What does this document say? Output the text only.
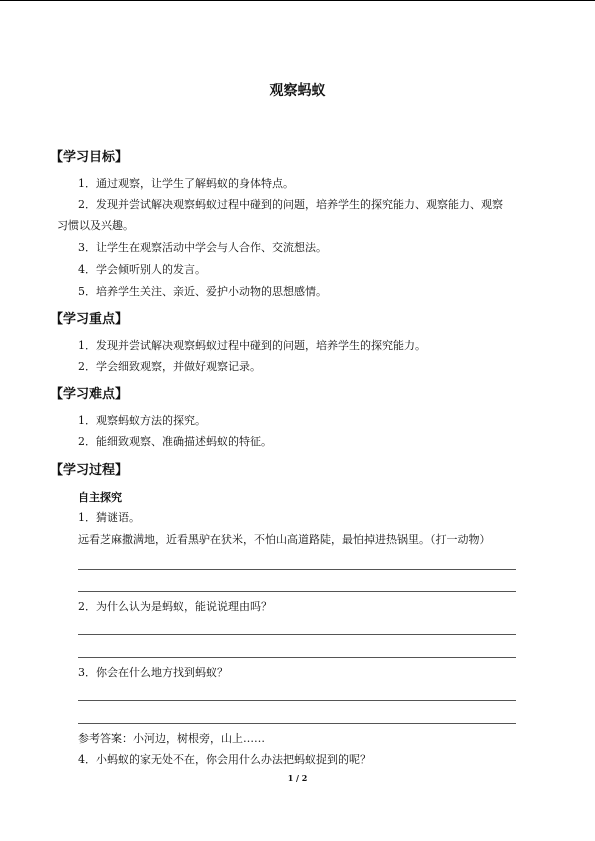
观察蚂蚁
【学习目标】
1．通过观察，让学生了解蚂蚁的身体特点。
2．发现并尝试解决观察蚂蚁过程中碰到的问题，培养学生的探究能力、观察能力、观察
习惯以及兴趣。
3．让学生在观察活动中学会与人合作、交流想法。
4．学会倾听别人的发言。
5．培养学生关注、亲近、爱护小动物的思想感情。
【学习重点】
1．发现并尝试解决观察蚂蚁过程中碰到的问题，培养学生的探究能力。
2．学会细致观察，并做好观察记录。
【学习难点】
1．观察蚂蚁方法的探究。
2．能细致观察、准确描述蚂蚁的特征。
【学习过程】
自主探究
1．猜谜语。
远看芝麻撒满地，近看黑驴在犾米，不怕山高道路陡，最怕掉进热锅里。（打一动物）
2．为什么认为是蚂蚁，能说说理由吗？
3．你会在什么地方找到蚂蚁？
参考答案：小河边，树根旁，山上……
4．小蚂蚁的家无处不在，你会用什么办法把蚂蚁捉到的呢？
1 / 2
